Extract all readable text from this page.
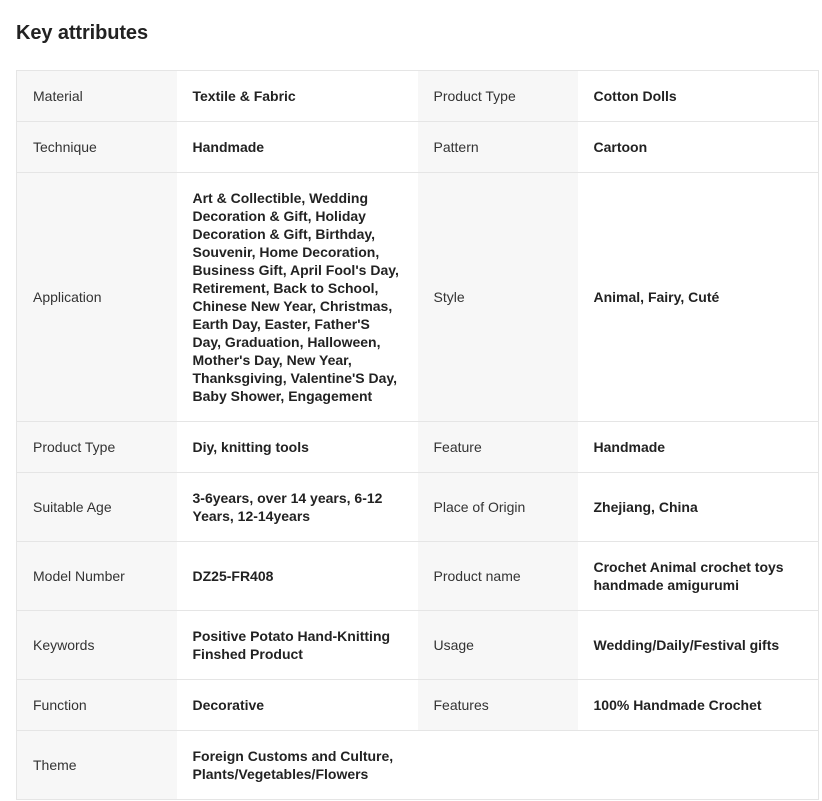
Key attributes
Material	Textile & Fabric	Product Type	Cotton Dolls
Technique	Handmade	Pattern	Cartoon
Application	Art & Collectible, Wedding Decoration & Gift, Holiday Decoration & Gift, Birthday, Souvenir, Home Decoration, Business Gift, April Fool's Day, Retirement, Back to School, Chinese New Year, Christmas, Earth Day, Easter, Father'S Day, Graduation, Halloween, Mother's Day, New Year, Thanksgiving, Valentine'S Day, Baby Shower, Engagement	Style	Animal, Fairy, Cuté
Product Type	Diy, knitting tools	Feature	Handmade
Suitable Age	3-6years, over 14 years, 6-12 Years, 12-14years	Place of Origin	Zhejiang, China
Model Number	DZ25-FR408	Product name	Crochet Animal crochet toys handmade amigurumi
Keywords	Positive Potato Hand-Knitting Finshed Product	Usage	Wedding/Daily/Festival gifts
Function	Decorative	Features	100% Handmade Crochet
Theme	Foreign Customs and Culture, Plants/Vegetables/Flowers		
